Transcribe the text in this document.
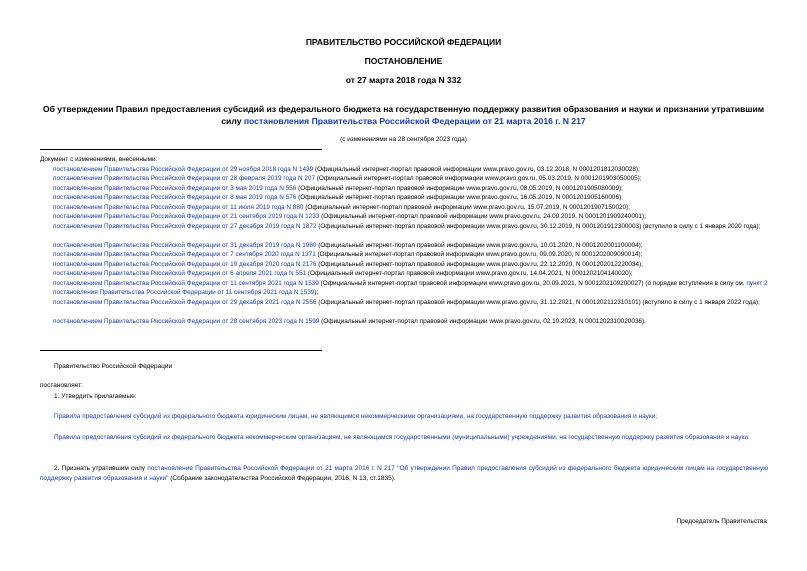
ПРАВИТЕЛЬСТВО РОССИЙСКОЙ ФЕДЕРАЦИИ
ПОСТАНОВЛЕНИЕ
от 27 марта 2018 года N 332
Об утверждении Правил предоставления субсидий из федерального бюджета на государственную поддержку развития образования и науки и признании утратившим силу постановления Правительства Российской Федерации от 21 марта 2016 г. N 217
(с изменениями на 28 сентября 2023 года)
Документ с изменениями, внесенными:
постановлением Правительства Российской Федерации от 29 ноября 2018 года N 1439 (Официальный интернет-портал правовой информации www.pravo.gov.ru, 03.12.2018, N 0001201812030028);
постановлением Правительства Российской Федерации от 28 февраля 2019 года N 207 (Официальный интернет-портал правовой информации www.pravo.gov.ru, 05.03.2019, N 0001201903050005);
постановлением Правительства Российской Федерации от 3 мая 2019 года N 556 (Официальный интернет-портал правовой информации www.pravo.gov.ru, 08.05.2019, N 0001201905080009);
постановлением Правительства Российской Федерации от 8 мая 2019 года N 576 (Официальный интернет-портал правовой информации www.pravo.gov.ru, 16.05.2019, N 0001201905160006);
постановлением Правительства Российской Федерации от 11 июля 2019 года N 880 (Официальный интернет-портал правовой информации www.pravo.gov.ru, 15.07.2019, N 0001201907150020);
постановлением Правительства Российской Федерации от 21 сентября 2019 года N 1233 (Официальный интернет-портал правовой информации www.pravo.gov.ru, 24.09.2019, N 0001201909240001);
постановлением Правительства Российской Федерации от 27 декабря 2019 года N 1872 (Официальный интернет-портал правовой информации www.pravo.gov.ru, 30.12.2019, N 0001201912300003) (вступило в силу с 1 января 2020 года);
постановлением Правительства Российской Федерации от 31 декабря 2019 года N 1960 (Официальный интернет-портал правовой информации www.pravo.gov.ru, 10.01.2020, N 0001202001100004);
постановлением Правительства Российской Федерации от 7 сентября 2020 года N 1371 (Официальный интернет-портал правовой информации www.pravo.gov.ru, 09.09.2020, N 0001202009090014);
постановлением Правительства Российской Федерации от 19 декабря 2020 года N 2176 (Официальный интернет-портал правовой информации www.pravo.gov.ru, 22.12.2020, N 0001202012220034);
постановлением Правительства Российской Федерации от 6 апреля 2021 года N 551 (Официальный интернет-портал правовой информации www.pravo.gov.ru, 14.04.2021, N 0001202104140020);
постановлением Правительства Российской Федерации от 11 сентября 2021 года N 1539 (Официальный интернет-портал правовой информации www.pravo.gov.ru, 20.09.2021, N 0001202109200027) (о порядке вступления в силу см. пункт 2 постановления Правительства Российской Федерации от 11 сентября 2021 года N 1539);
постановлением Правительства Российской Федерации от 29 декабря 2021 года N 2556 (Официальный интернет-портал правовой информации www.pravo.gov.ru, 31.12.2021, N 0001202112310101) (вступило в силу с 1 января 2022 года);
постановлением Правительства Российской Федерации от 28 сентября 2023 года N 1599 (Официальный интернет-портал правовой информации www.pravo.gov.ru, 02.10.2023, N 0001202310020036).
Правительство Российской Федерации
постановляет:
1. Утвердить прилагаемые:
Правила предоставления субсидий из федерального бюджета юридическим лицам, не являющимся некоммерческими организациями, на государственную поддержку развития образования и науки;
Правила предоставления субсидий из федерального бюджета некоммерческим организациям, не являющимся государственными (муниципальными) учреждениями, на государственную поддержку развития образования и науки.
2. Признать утратившим силу постановление Правительства Российской Федерации от 21 марта 2016 г. N 217 "Об утверждении Правил предоставления субсидий из федерального бюджета юридическим лицам на государственную поддержку развития образования и науки" (Собрание законодательства Российской Федерации, 2016, N 13, ст.1835).
Председатель Правительства
